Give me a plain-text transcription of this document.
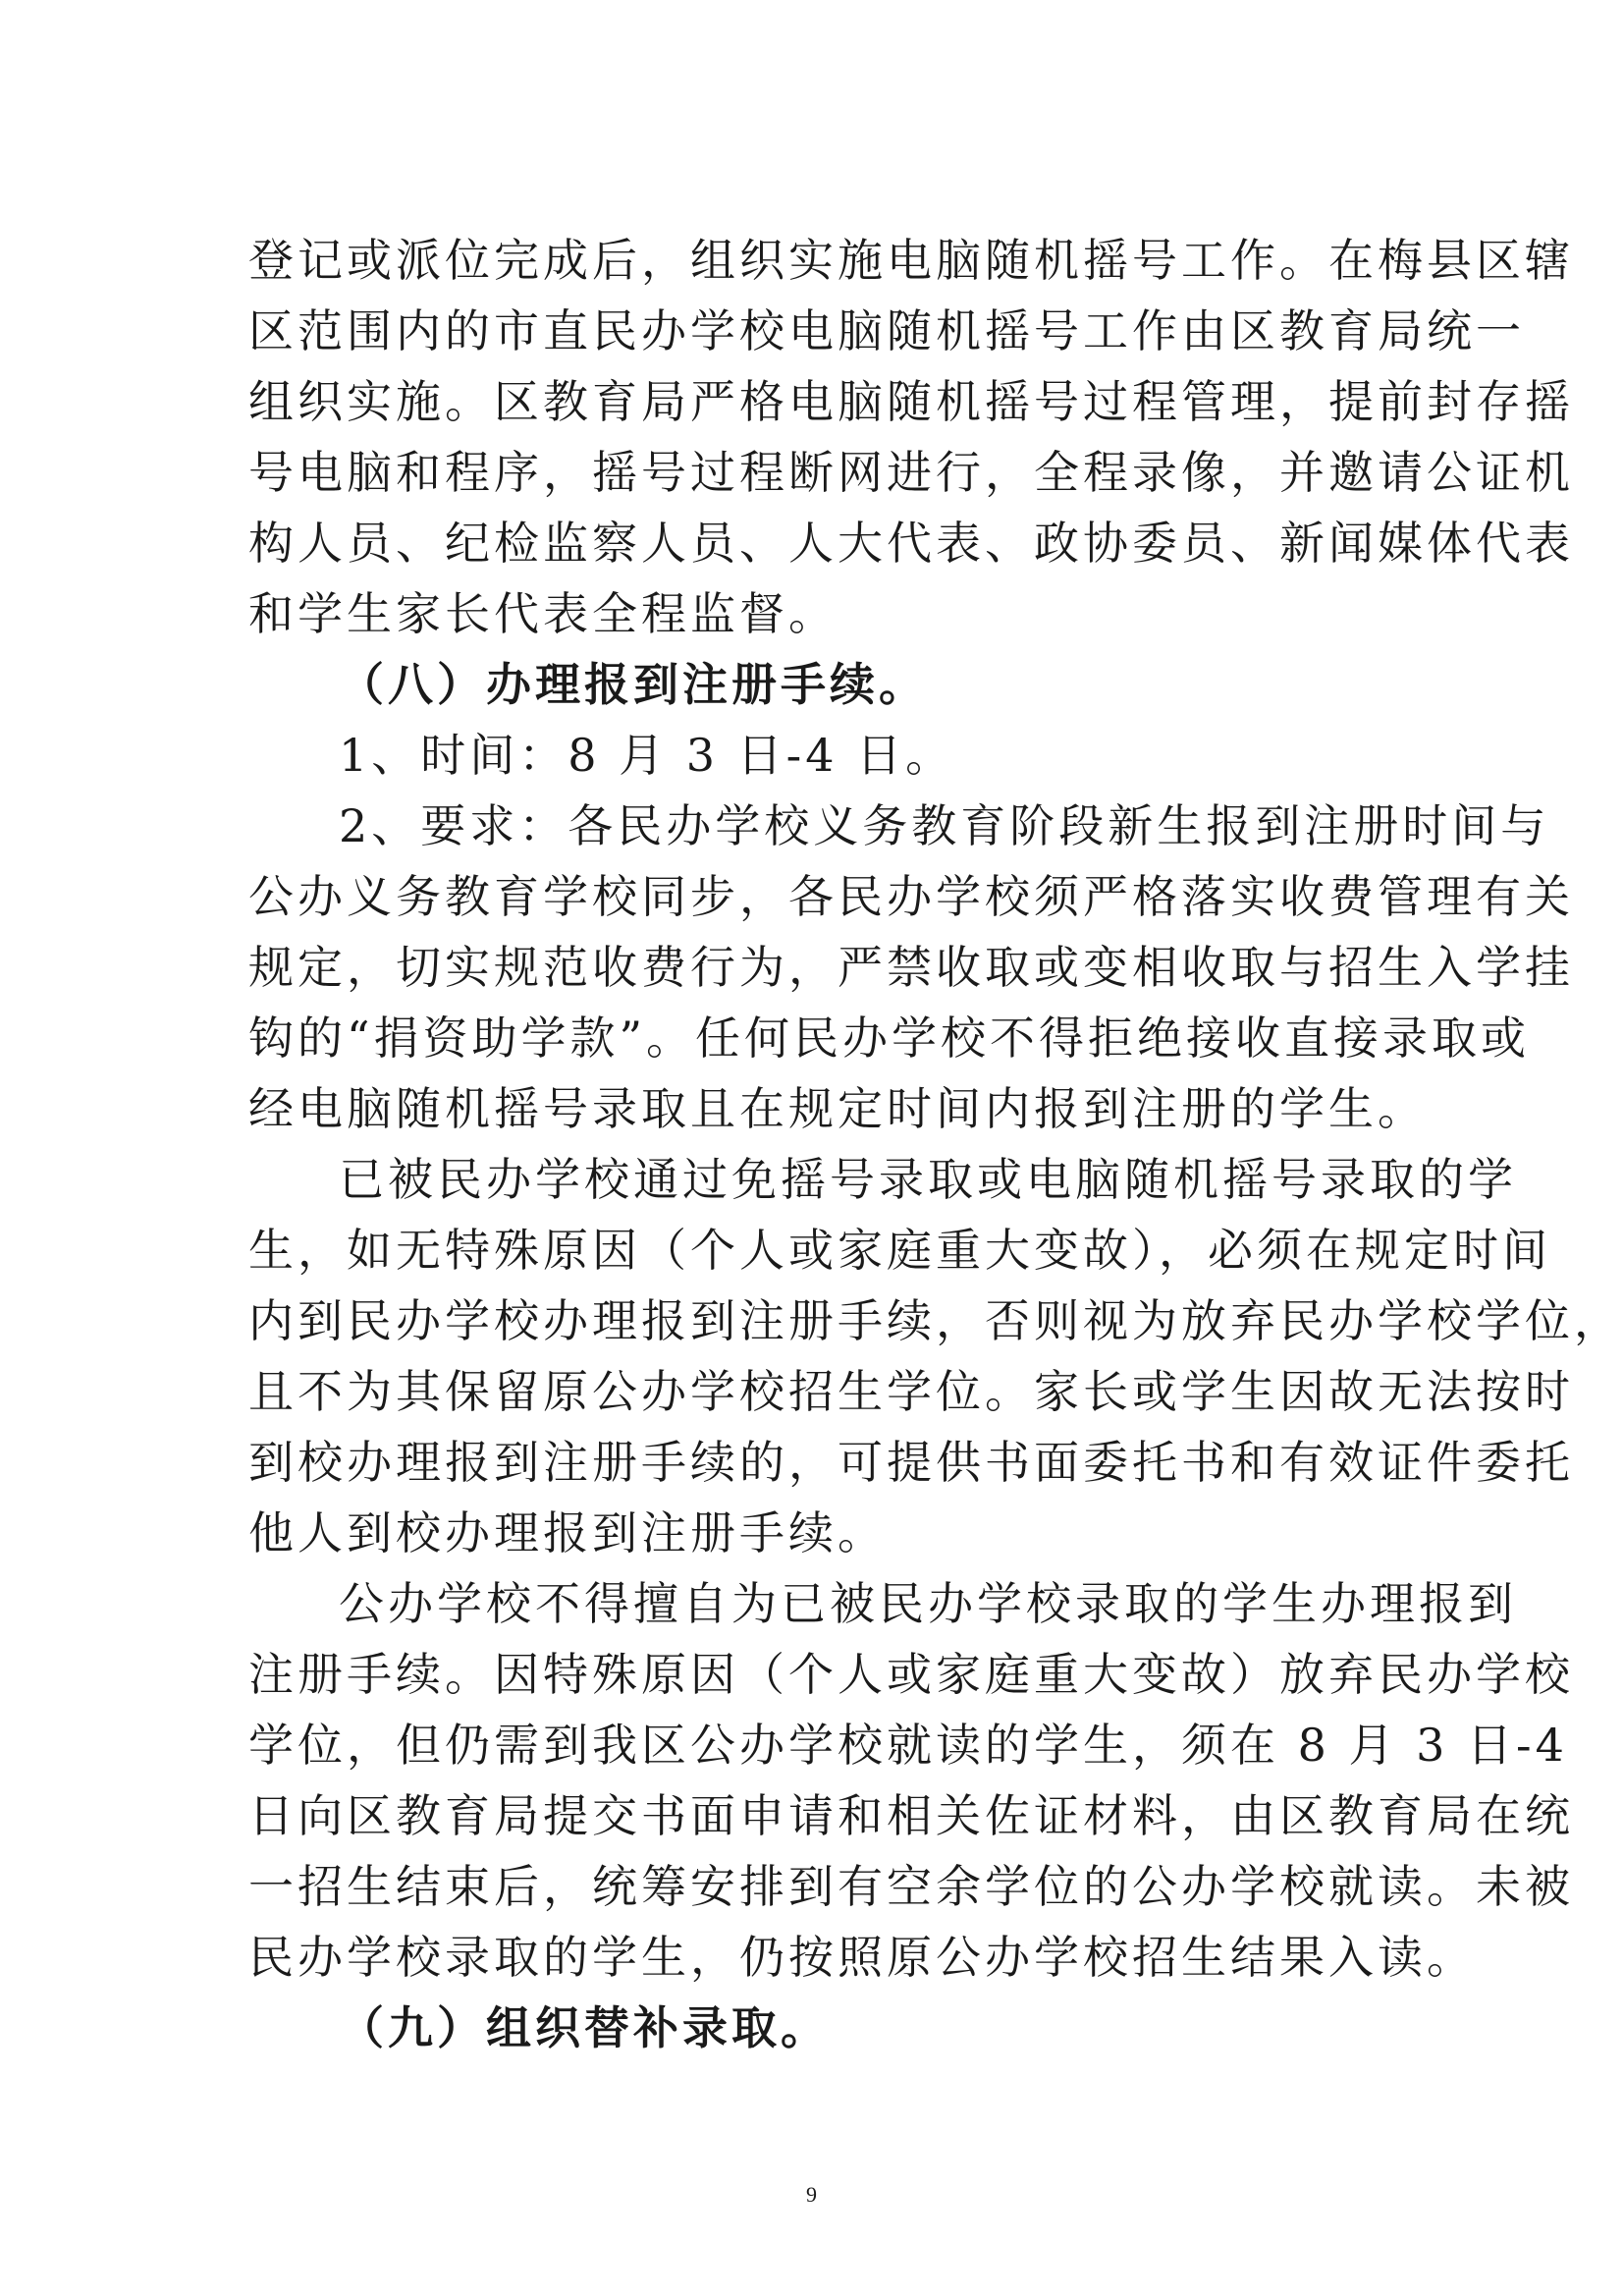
登记或派位完成后，组织实施电脑随机摇号工作。在梅县区辖
区范围内的市直民办学校电脑随机摇号工作由区教育局统一
组织实施。区教育局严格电脑随机摇号过程管理，提前封存摇
号电脑和程序，摇号过程断网进行，全程录像，并邀请公证机
构人员、纪检监察人员、人大代表、政协委员、新闻媒体代表
和学生家长代表全程监督。
（八）办理报到注册手续。
1、时间：8 月 3 日-4 日。
2、要求：各民办学校义务教育阶段新生报到注册时间与
公办义务教育学校同步，各民办学校须严格落实收费管理有关
规定，切实规范收费行为，严禁收取或变相收取与招生入学挂
钩的“捐资助学款”。任何民办学校不得拒绝接收直接录取或
经电脑随机摇号录取且在规定时间内报到注册的学生。
已被民办学校通过免摇号录取或电脑随机摇号录取的学
生，如无特殊原因（个人或家庭重大变故），必须在规定时间
内到民办学校办理报到注册手续，否则视为放弃民办学校学位，
且不为其保留原公办学校招生学位。家长或学生因故无法按时
到校办理报到注册手续的，可提供书面委托书和有效证件委托
他人到校办理报到注册手续。
公办学校不得擅自为已被民办学校录取的学生办理报到
注册手续。因特殊原因（个人或家庭重大变故）放弃民办学校
学位，但仍需到我区公办学校就读的学生，须在 8 月 3 日-4
日向区教育局提交书面申请和相关佐证材料，由区教育局在统
一招生结束后，统筹安排到有空余学位的公办学校就读。未被
民办学校录取的学生，仍按照原公办学校招生结果入读。
（九）组织替补录取。
9
